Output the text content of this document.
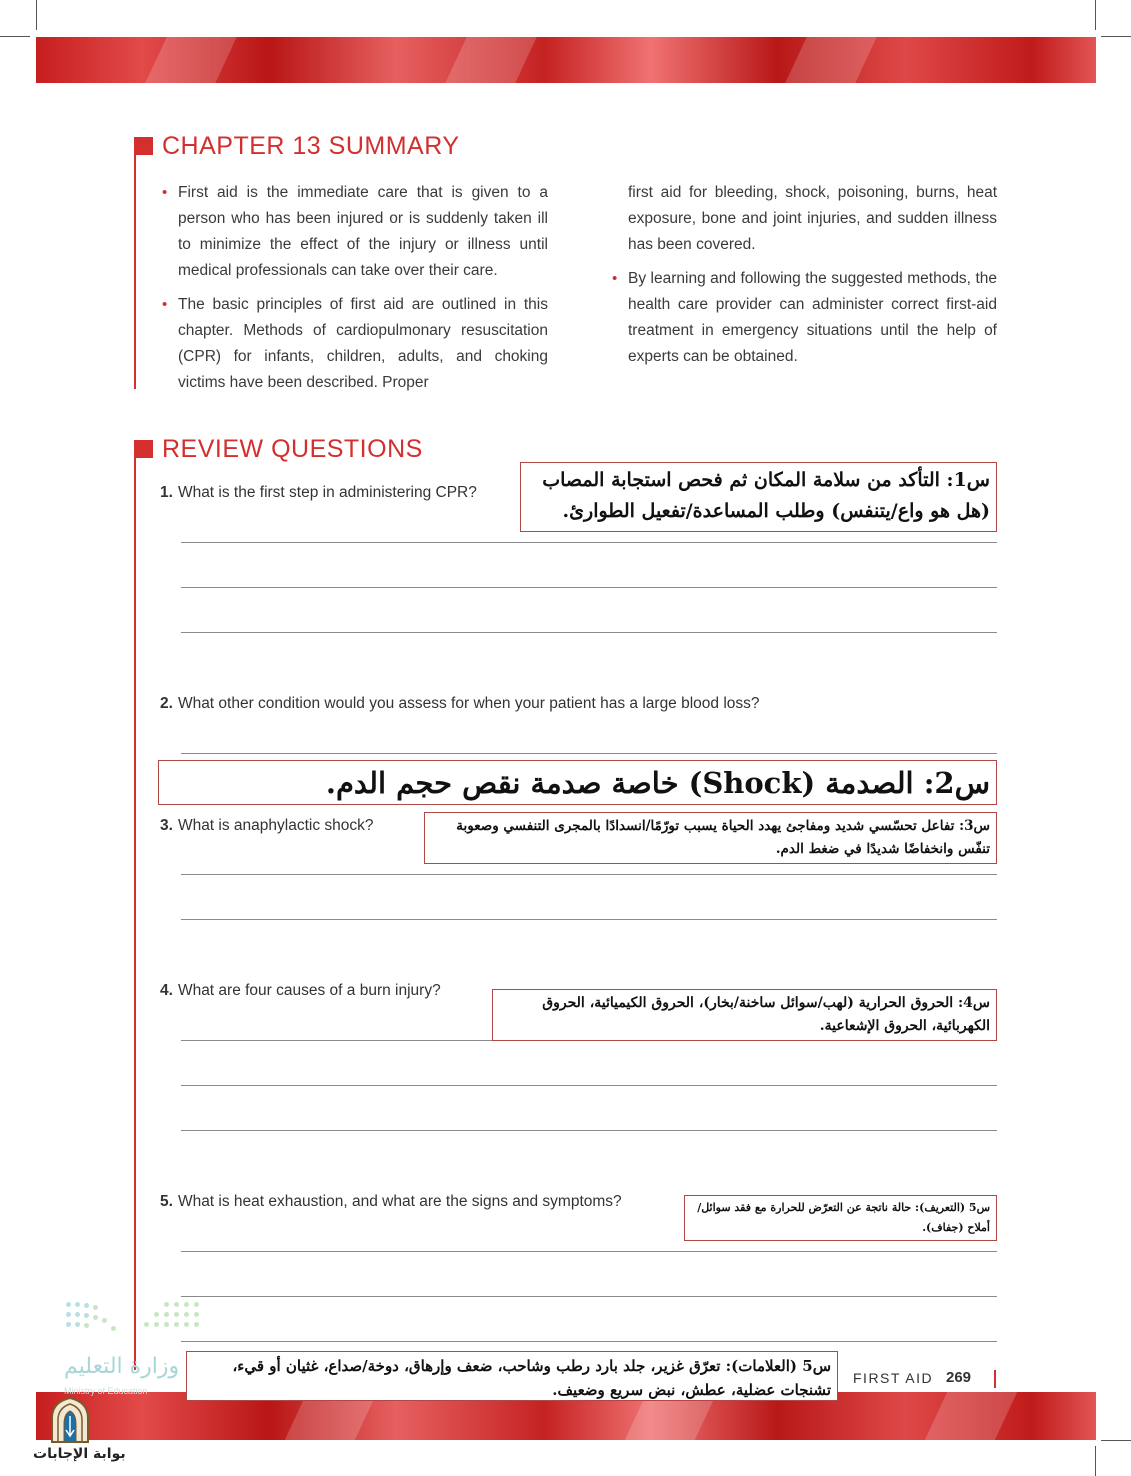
CHAPTER 13 SUMMARY
• First aid is the immediate care that is given to a person who has been injured or is suddenly taken ill to minimize the effect of the injury or illness until medical professionals can take over their care.
• The basic principles of first aid are outlined in this chapter. Methods of cardiopulmonary resuscitation (CPR) for infants, children, adults, and choking victims have been described. Proper
first aid for bleeding, shock, poisoning, burns, heat exposure, bone and joint injuries, and sudden illness has been covered.
• By learning and following the suggested methods, the health care provider can administer correct first-aid treatment in emergency situations until the help of experts can be obtained.
REVIEW QUESTIONS
1. What is the first step in administering CPR?
س1: التأكد من سلامة المكان ثم فحص استجابة المصاب (هل هو واع/يتنفس) وطلب المساعدة/تفعيل الطوارئ.
2. What other condition would you assess for when your patient has a large blood loss?
س2: الصدمة (Shock) خاصة صدمة نقص حجم الدم.
3. What is anaphylactic shock?	س3: تفاعل تحسّسي شديد ومفاجئ يهدد الحياة يسبب تورّمًا/انسدادًا بالمجرى التنفسي وصعوبة تنفّس وانخفاضًا شديدًا في ضغط الدم.
4. What are four causes of a burn injury?
س4: الحروق الحرارية (لهب/سوائل ساخنة/بخار)، الحروق الكيميائية، الحروق الكهربائية، الحروق الإشعاعية.
5. What is heat exhaustion, and what are the signs and symptoms?	س5 (التعريف): حالة ناتجة عن التعرّض للحرارة مع فقد سوائل/أملاح (جفاف).
س5 (العلامات): تعرّق غزير، جلد بارد رطب وشاحب، ضعف وإرهاق، دوخة/صداع، غثيان أو قيء، تشنجات عضلية، عطش، نبض سريع وضعيف.
FIRST AID 269
وزارة التعليم
Ministry of Education
بوابة الإجابات
